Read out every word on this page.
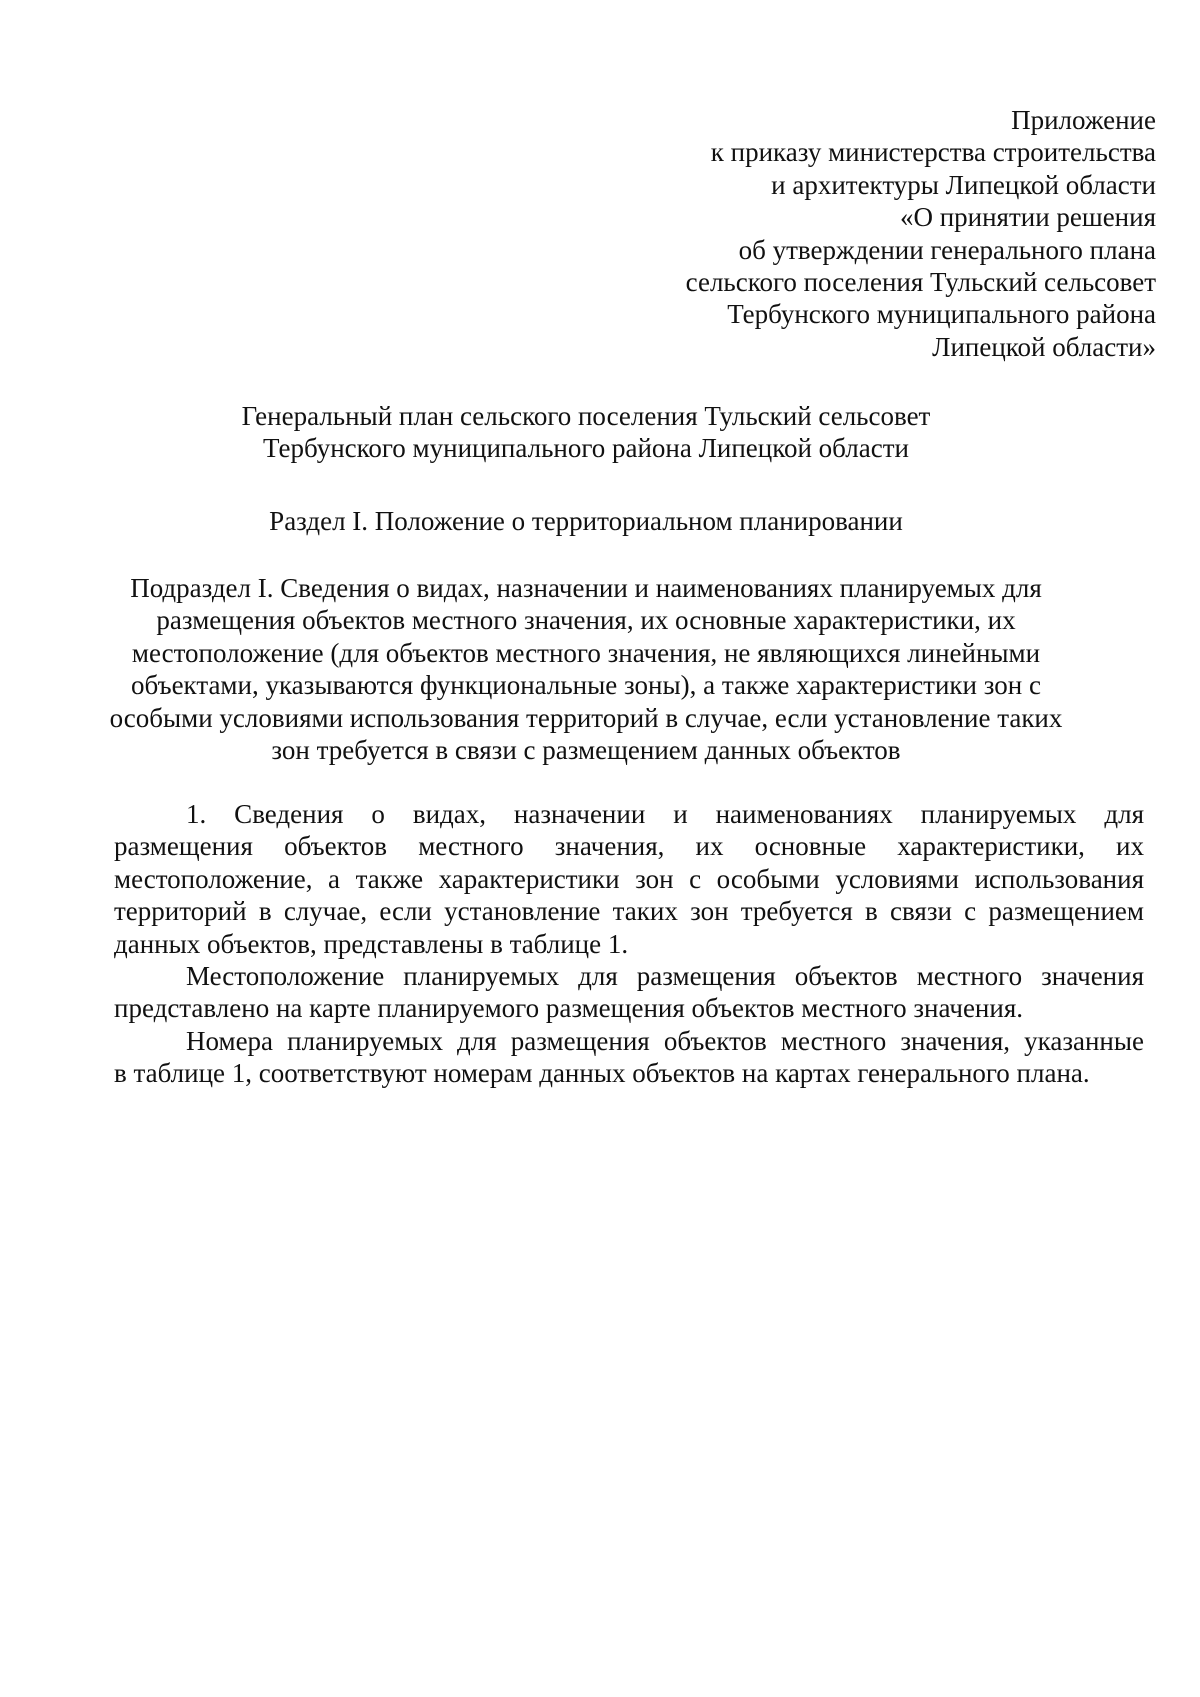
Приложение
к приказу министерства строительства
и архитектуры Липецкой области
«О принятии решения
об утверждении генерального плана
сельского поселения Тульский сельсовет
Тербунского муниципального района
Липецкой области»
Генеральный план сельского поселения Тульский сельсовет
Тербунского муниципального района Липецкой области
Раздел I. Положение о территориальном планировании
Подраздел I. Сведения о видах, назначении и наименованиях планируемых для
размещения объектов местного значения, их основные характеристики, их
местоположение (для объектов местного значения, не являющихся линейными
объектами, указываются функциональные зоны), а также характеристики зон с
особыми условиями использования территорий в случае, если установление таких
зон требуется в связи с размещением данных объектов
1. Сведения о видах, назначении и наименованиях планируемых для
размещения объектов местного значения, их основные характеристики, их
местоположение, а также характеристики зон с особыми условиями использования
территорий в случае, если установление таких зон требуется в связи с размещением
данных объектов, представлены в таблице 1.
Местоположение планируемых для размещения объектов местного значения
представлено на карте планируемого размещения объектов местного значения.
Номера планируемых для размещения объектов местного значения, указанные
в таблице 1, соответствуют номерам данных объектов на картах генерального плана.
